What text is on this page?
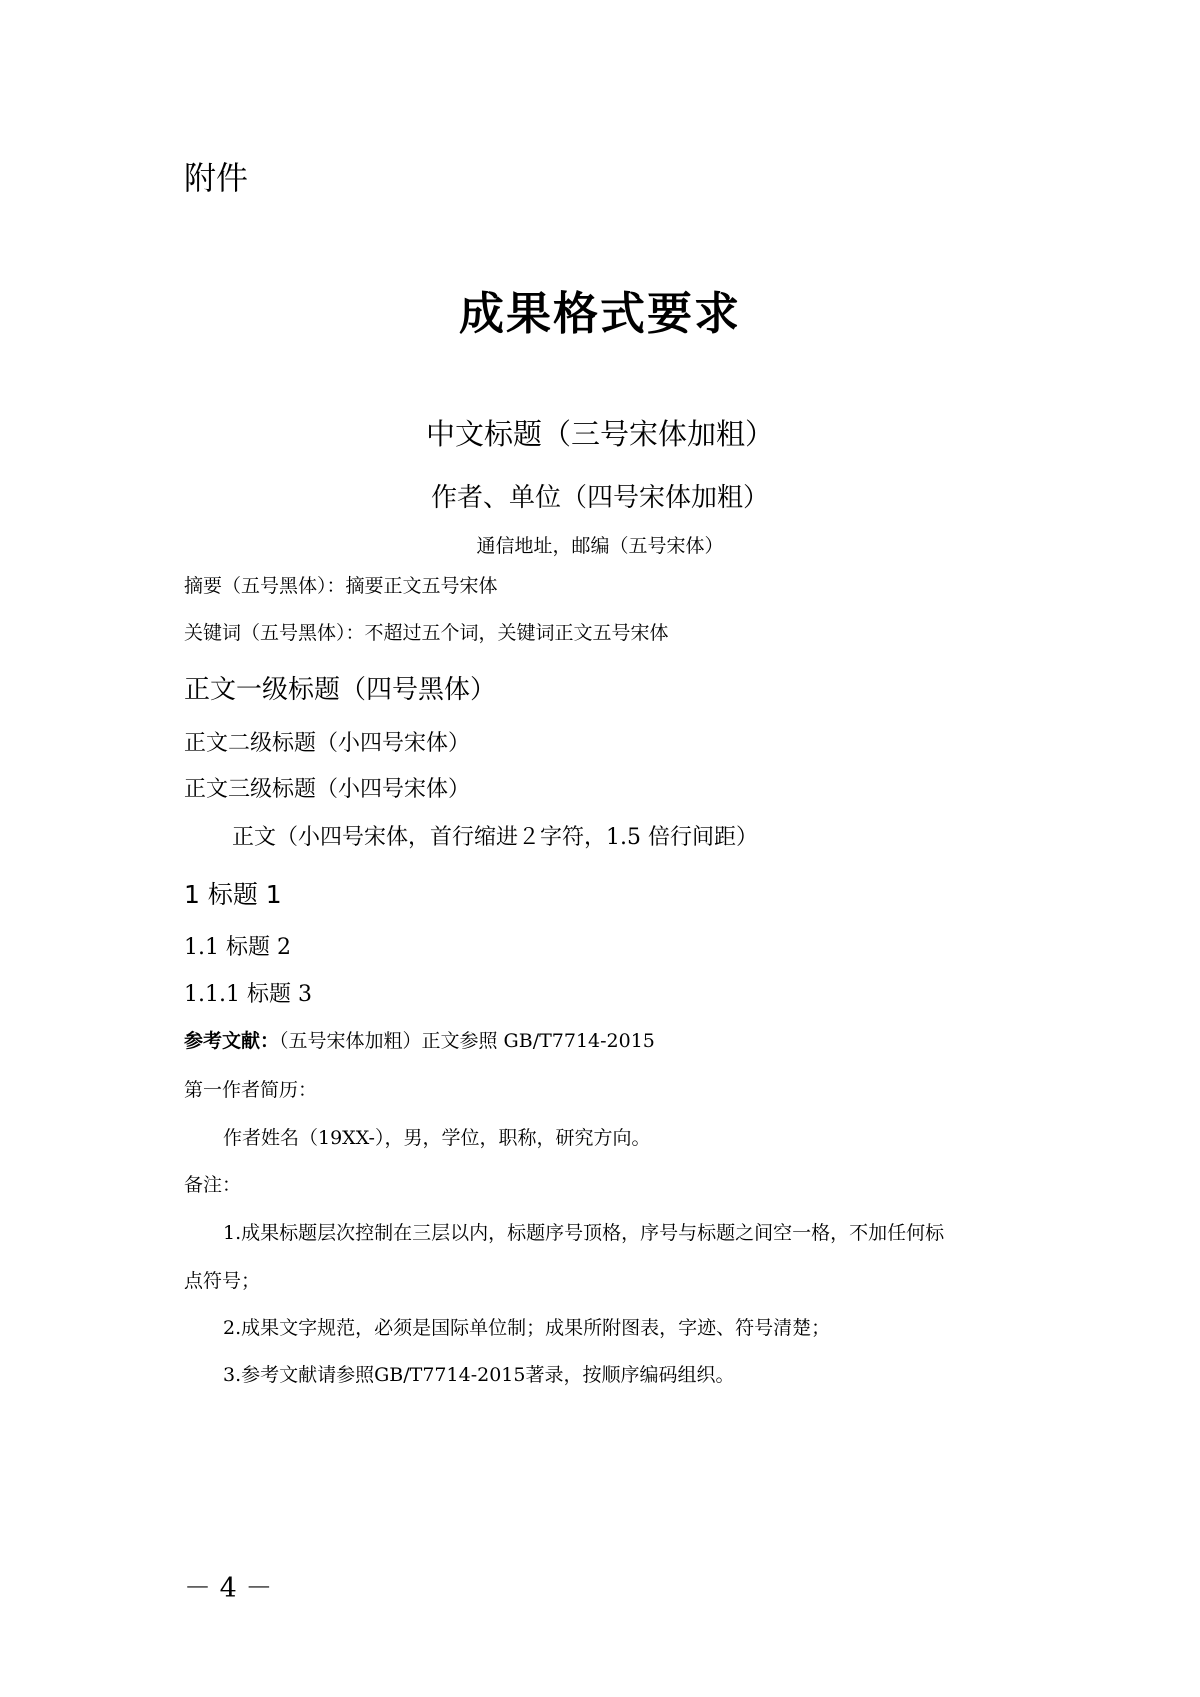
附件
成果格式要求
中文标题（三号宋体加粗）
作者、单位（四号宋体加粗）
通信地址，邮编（五号宋体）
摘要（五号黑体）：摘要正文五号宋体
关键词（五号黑体）：不超过五个词，关键词正文五号宋体
正文一级标题（四号黑体）
正文二级标题（小四号宋体）
正文三级标题（小四号宋体）
正文（小四号宋体，首行缩进２字符，1.5 倍行间距）
1 标题 1
1.1 标题 2
1.1.1 标题 3
参考文献：（五号宋体加粗）正文参照 GB/T7714-2015
第一作者简历：
作者姓名（19XX-），男，学位，职称，研究方向。
备注：
1.成果标题层次控制在三层以内，标题序号顶格，序号与标题之间空一格，不加任何标
点符号；
2.成果文字规范，必须是国际单位制；成果所附图表，字迹、符号清楚；
3.参考文献请参照GB/T7714-2015著录，按顺序编码组织。
－ 4 －
